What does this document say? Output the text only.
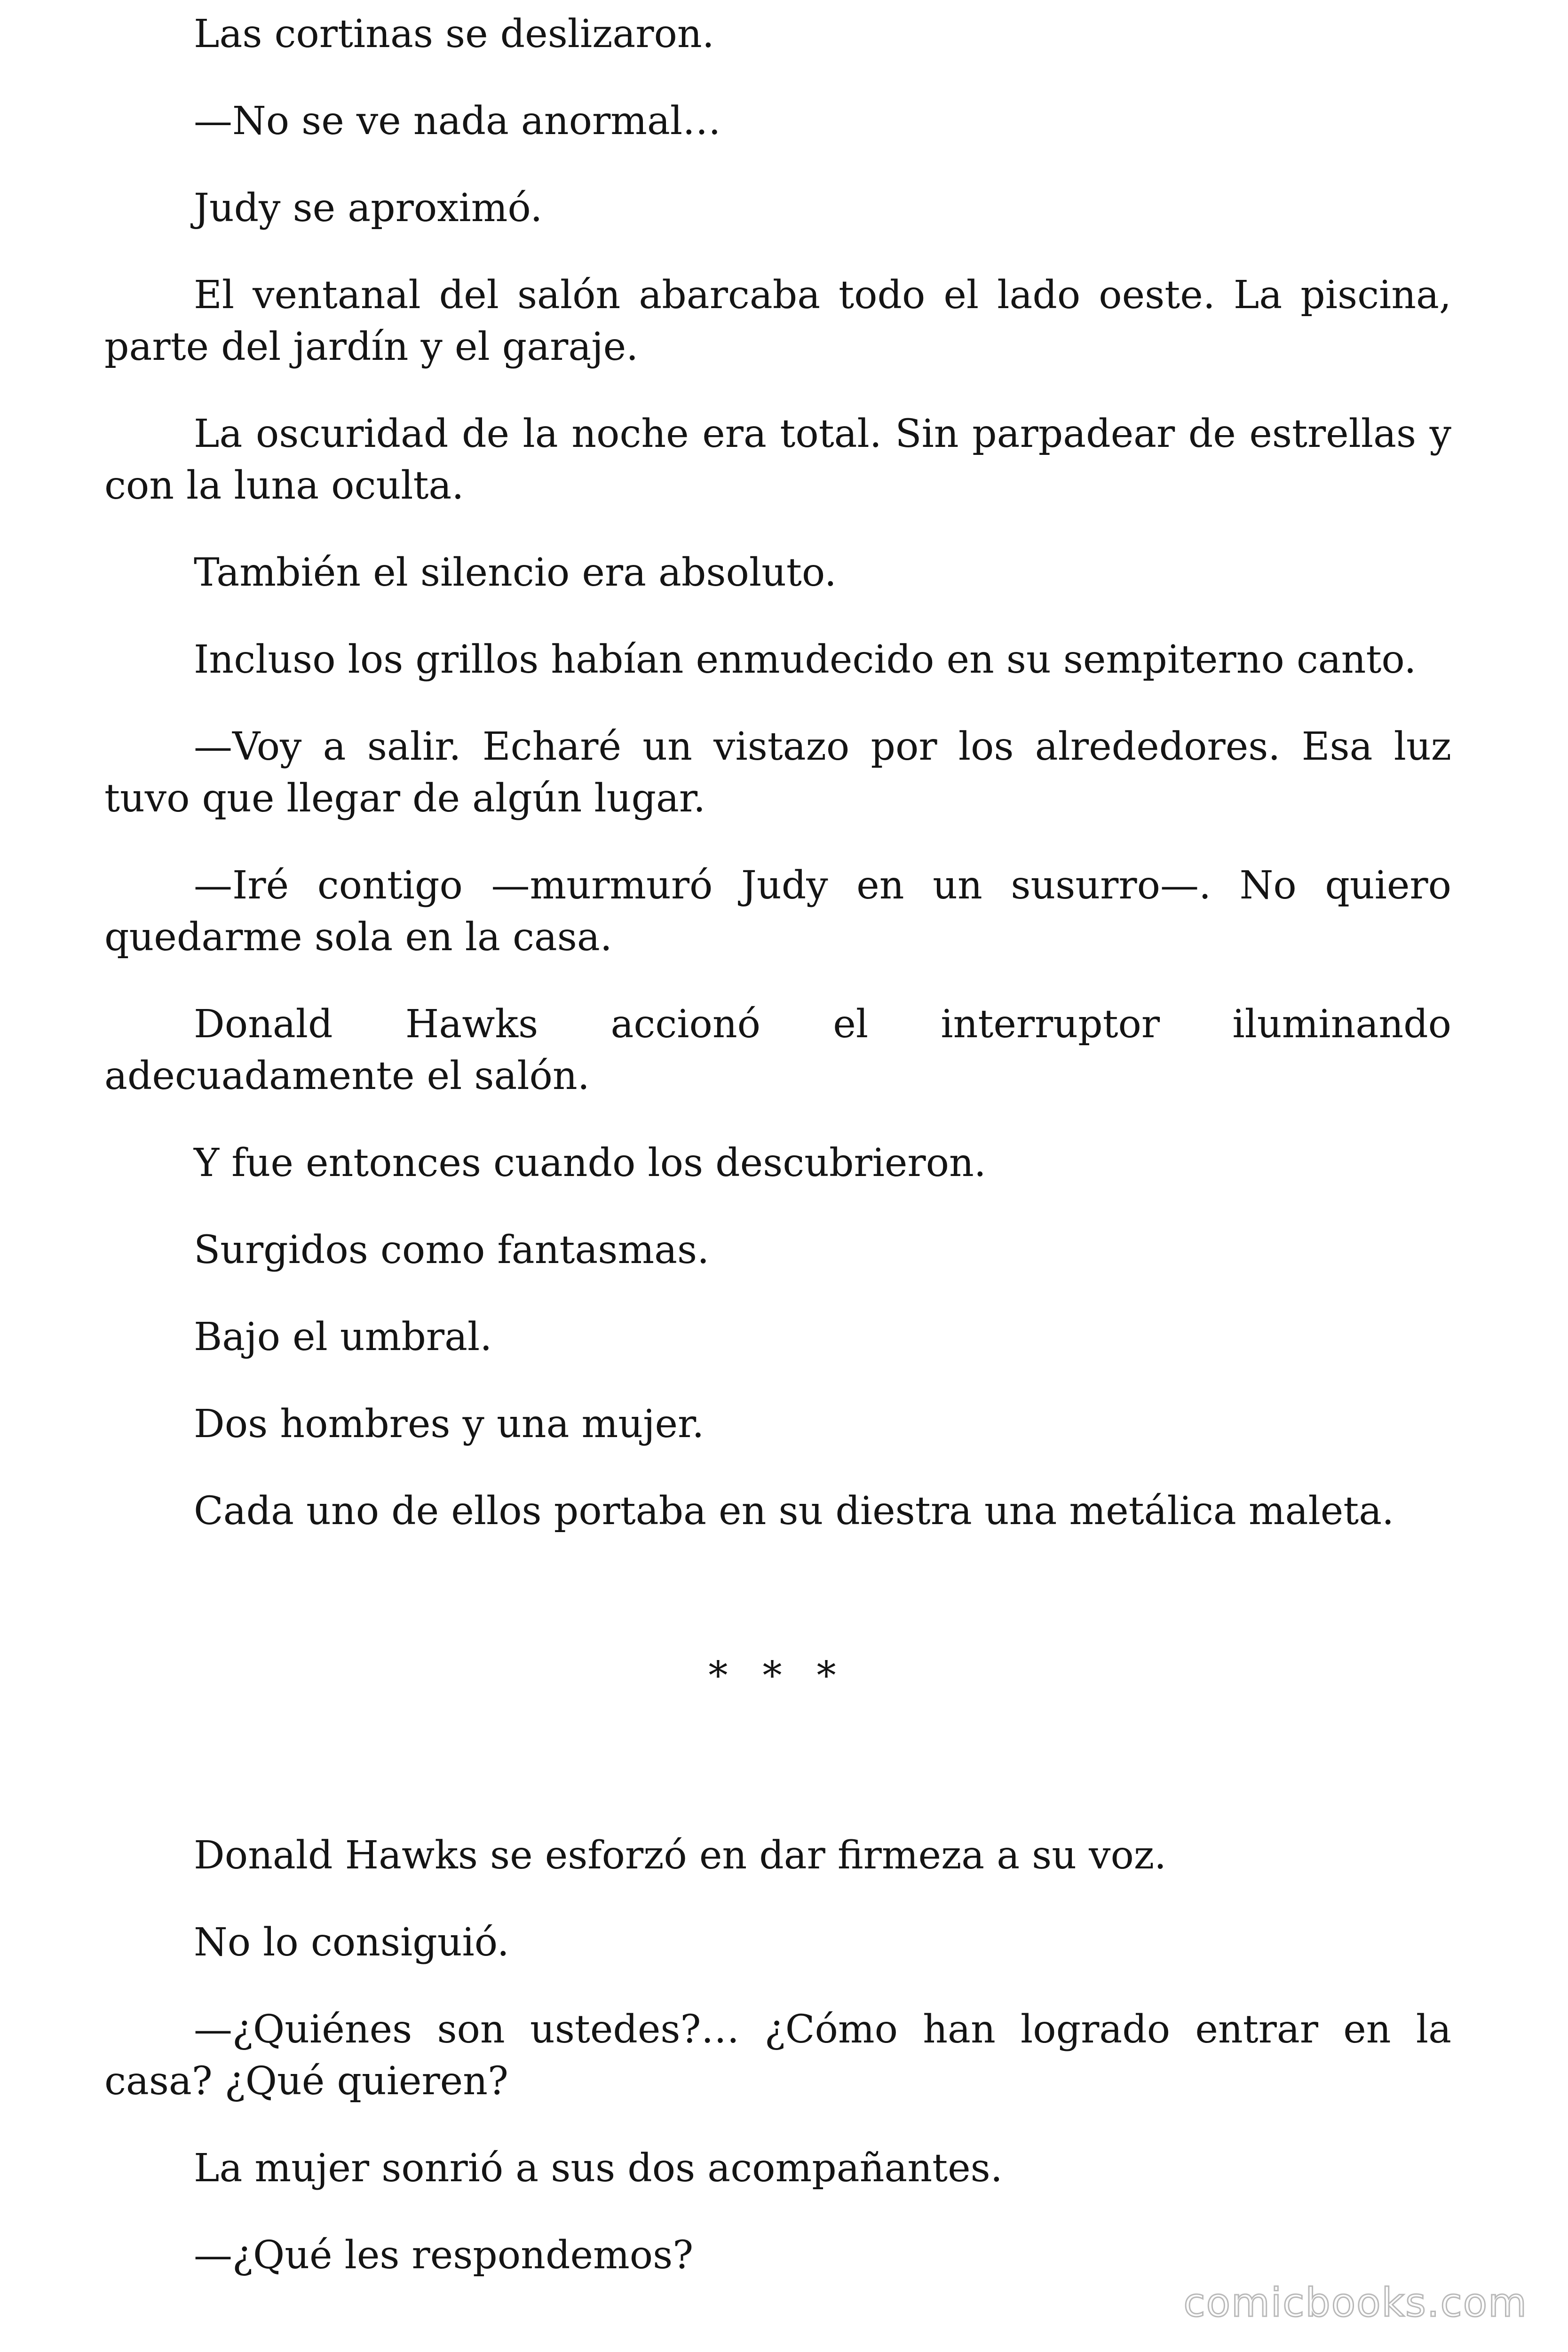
Las cortinas se deslizaron.

—No se ve nada anormal…

Judy se aproximó.

El ventanal del salón abarcaba todo el lado oeste. La piscina, parte del jardín y el garaje.

La oscuridad de la noche era total. Sin parpadear de estrellas y con la luna oculta.

También el silencio era absoluto.

Incluso los grillos habían enmudecido en su sempiterno canto.

—Voy a salir. Echaré un vistazo por los alrededores. Esa luz tuvo que llegar de algún lugar.

—Iré contigo —murmuró Judy en un susurro—. No quiero quedarme sola en la casa.

Donald Hawks accionó el interruptor iluminando adecuadamente el salón.

Y fue entonces cuando los descubrieron.

Surgidos como fantasmas.

Bajo el umbral.

Dos hombres y una mujer.

Cada uno de ellos portaba en su diestra una metálica maleta.

* * *

Donald Hawks se esforzó en dar firmeza a su voz.

No lo consiguió.

—¿Quiénes son ustedes?… ¿Cómo han logrado entrar en la casa? ¿Qué quieren?

La mujer sonrió a sus dos acompañantes.

—¿Qué les respondemos?

comicbooks.com
